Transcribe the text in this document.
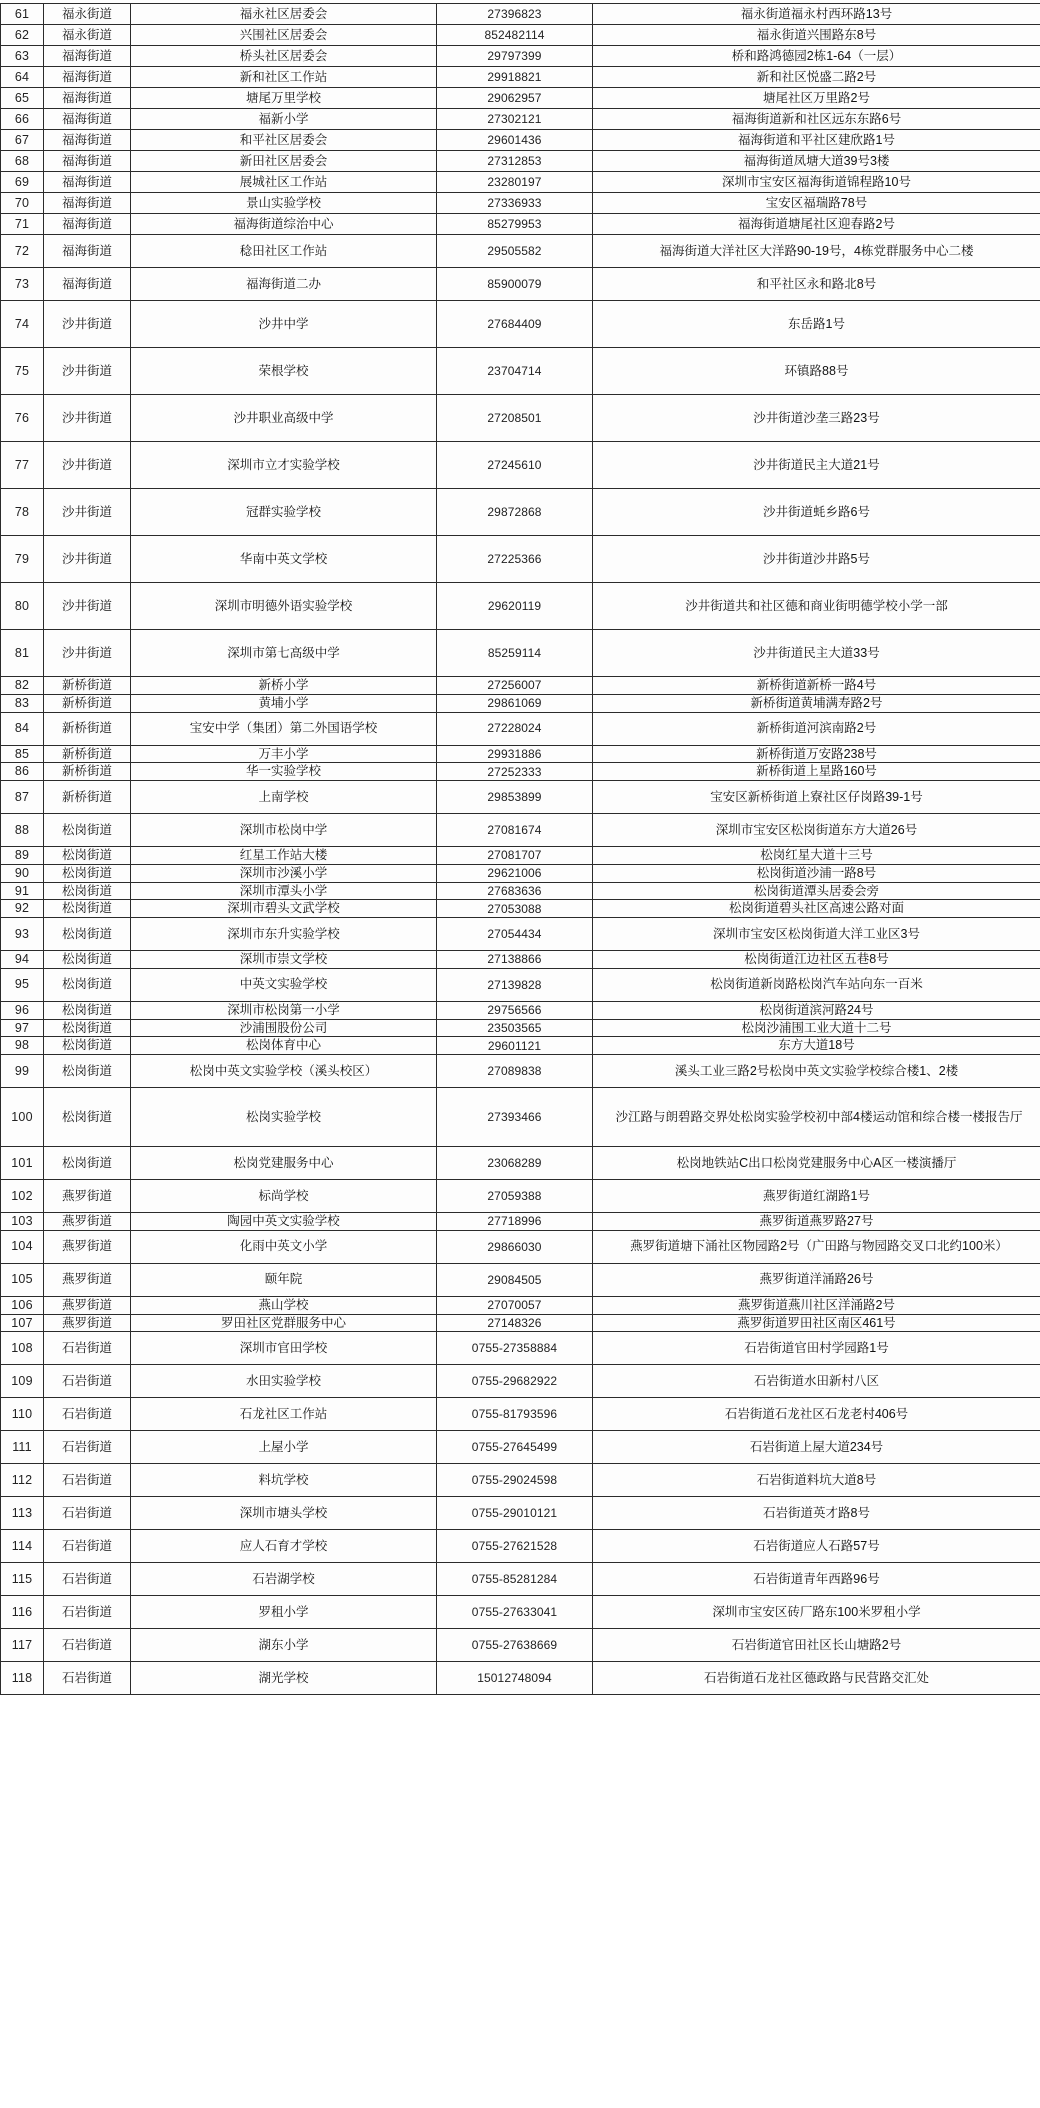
61	福永街道	福永社区居委会	27396823	福永街道福永村西环路13号
62	福永街道	兴围社区居委会	852482114	福永街道兴围路东8号
63	福海街道	桥头社区居委会	29797399	桥和路鸿德园2栋1-64（一层）
64	福海街道	新和社区工作站	29918821	新和社区悦盛二路2号
65	福海街道	塘尾万里学校	29062957	塘尾社区万里路2号
66	福海街道	福新小学	27302121	福海街道新和社区远东东路6号
67	福海街道	和平社区居委会	29601436	福海街道和平社区建欣路1号
68	福海街道	新田社区居委会	27312853	福海街道凤塘大道39号3楼
69	福海街道	展城社区工作站	23280197	深圳市宝安区福海街道锦程路10号
70	福海街道	景山实验学校	27336933	宝安区福瑞路78号
71	福海街道	福海街道综治中心	85279953	福海街道塘尾社区迎春路2号
72	福海街道	稔田社区工作站	29505582	福海街道大洋社区大洋路90-19号，4栋党群服务中心二楼
73	福海街道	福海街道二办	85900079	和平社区永和路北8号
74	沙井街道	沙井中学	27684409	东岳路1号
75	沙井街道	荣根学校	23704714	环镇路88号
76	沙井街道	沙井职业高级中学	27208501	沙井街道沙垄三路23号
77	沙井街道	深圳市立才实验学校	27245610	沙井街道民主大道21号
78	沙井街道	冠群实验学校	29872868	沙井街道蚝乡路6号
79	沙井街道	华南中英文学校	27225366	沙井街道沙井路5号
80	沙井街道	深圳市明德外语实验学校	29620119	沙井街道共和社区德和商业街明德学校小学一部
81	沙井街道	深圳市第七高级中学	85259114	沙井街道民主大道33号
82	新桥街道	新桥小学	27256007	新桥街道新桥一路4号
83	新桥街道	黄埔小学	29861069	新桥街道黄埔满寿路2号
84	新桥街道	宝安中学（集团）第二外国语学校	27228024	新桥街道河滨南路2号
85	新桥街道	万丰小学	29931886	新桥街道万安路238号
86	新桥街道	华一实验学校	27252333	新桥街道上星路160号
87	新桥街道	上南学校	29853899	宝安区新桥街道上寮社区仔岗路39-1号
88	松岗街道	深圳市松岗中学	27081674	深圳市宝安区松岗街道东方大道26号
89	松岗街道	红星工作站大楼	27081707	松岗红星大道十三号
90	松岗街道	深圳市沙溪小学	29621006	松岗街道沙浦一路8号
91	松岗街道	深圳市潭头小学	27683636	松岗街道潭头居委会旁
92	松岗街道	深圳市碧头文武学校	27053088	松岗街道碧头社区高速公路对面
93	松岗街道	深圳市东升实验学校	27054434	深圳市宝安区松岗街道大洋工业区3号
94	松岗街道	深圳市崇文学校	27138866	松岗街道江边社区五巷8号
95	松岗街道	中英文实验学校	27139828	松岗街道新岗路松岗汽车站向东一百米
96	松岗街道	深圳市松岗第一小学	29756566	松岗街道滨河路24号
97	松岗街道	沙浦围股份公司	23503565	松岗沙浦围工业大道十二号
98	松岗街道	松岗体育中心	29601121	东方大道18号
99	松岗街道	松岗中英文实验学校（溪头校区）	27089838	溪头工业三路2号松岗中英文实验学校综合楼1、2楼
100	松岗街道	松岗实验学校	27393466	沙江路与朗碧路交界处松岗实验学校初中部4楼运动馆和综合楼一楼报告厅

101	松岗街道	松岗党建服务中心	23068289	松岗地铁站C出口松岗党建服务中心A区一楼演播厅
102	燕罗街道	标尚学校	27059388	燕罗街道红湖路1号
103	燕罗街道	陶园中英文实验学校	27718996	燕罗街道燕罗路27号
104	燕罗街道	化雨中英文小学	29866030	燕罗街道塘下涌社区物园路2号（广田路与物园路交叉口北约100米）

105	燕罗街道	颐年院	29084505	燕罗街道洋涌路26号
106	燕罗街道	燕山学校	27070057	燕罗街道燕川社区洋涌路2号
107	燕罗街道	罗田社区党群服务中心	27148326	燕罗街道罗田社区南区461号
108	石岩街道	深圳市官田学校	0755-27358884	石岩街道官田村学园路1号
109	石岩街道	水田实验学校	0755-29682922	石岩街道水田新村八区
110	石岩街道	石龙社区工作站	0755-81793596	石岩街道石龙社区石龙老村406号
111	石岩街道	上屋小学	0755-27645499	石岩街道上屋大道234号
112	石岩街道	料坑学校	0755-29024598	石岩街道料坑大道8号
113	石岩街道	深圳市塘头学校	0755-29010121	石岩街道英才路8号
114	石岩街道	应人石育才学校	0755-27621528	石岩街道应人石路57号
115	石岩街道	石岩湖学校	0755-85281284	石岩街道青年西路96号
116	石岩街道	罗租小学	0755-27633041	深圳市宝安区砖厂路东100米罗租小学
117	石岩街道	湖东小学	0755-27638669	石岩街道官田社区长山塘路2号
118	石岩街道	湖光学校	15012748094	石岩街道石龙社区德政路与民营路交汇处
